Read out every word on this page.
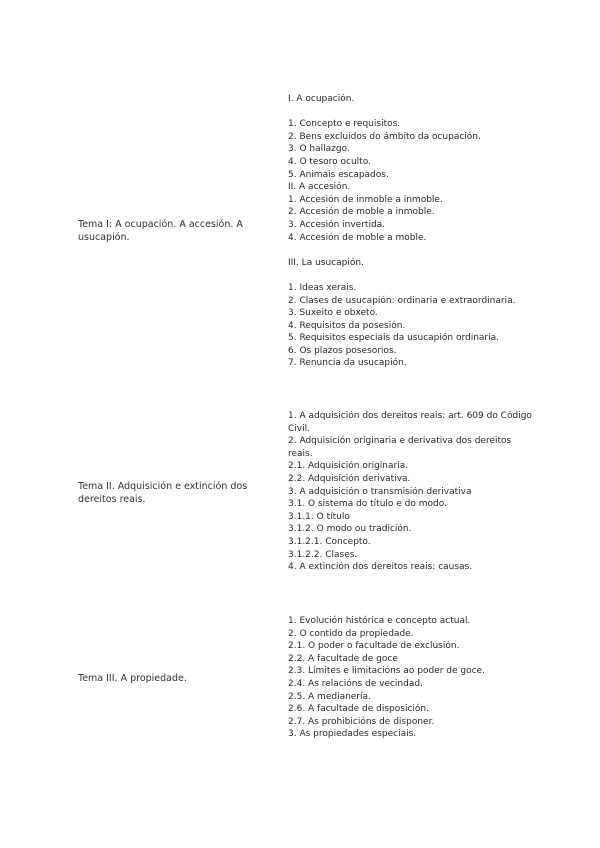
Tema I: A ocupación. A accesión. A usucapión.
I. A ocupación.
1. Concepto e requisitos.
2. Bens excluidos do ámbito da ocupación.
3. O hallazgo.
4. O tesoro oculto.
5. Animais escapados.
II. A accesión.
1. Accesión de inmoble a inmoble.
2. Accesión de moble a inmoble.
3. Accesión invertida.
4. Accesión de moble a moble.
III. La usucapión.
1. Ideas xerais.
2. Clases de usucapión: ordinaria e extraordinaria.
3. Suxeito e obxeto.
4. Requisitos da posesión.
5. Requisitos especiais da usucapión ordinaria.
6. Os plazos posesorios.
7. Renuncia da usucapión.
Tema II. Adquisición e extinción dos dereitos reais.
1. A adquisición dos dereitos reais: art. 609 do Código Civil.
2. Adquisición originaria e derivativa dos dereitos reais.
2.1. Adquisición originaria.
2.2. Adquisición derivativa.
3. A adquisición o transmisión derivativa
3.1. O sistema do título e do modo.
3.1.1. O título
3.1.2. O modo ou tradición.
3.1.2.1. Concepto.
3.1.2.2. Clases.
4. A extinción dos dereitos reais: causas.
Tema III. A propiedade.
1. Evolución histórica e concepto actual.
2. O contido da propiedade.
2.1. O poder o facultade de exclusión.
2.2. A facultade de goce
2.3. Límites e limitacións ao poder de goce.
2.4. As relacións de vecindad.
2.5. A medianería.
2.6. A facultade de disposición.
2.7. As prohibicións de disponer.
3. As propiedades especiais.
